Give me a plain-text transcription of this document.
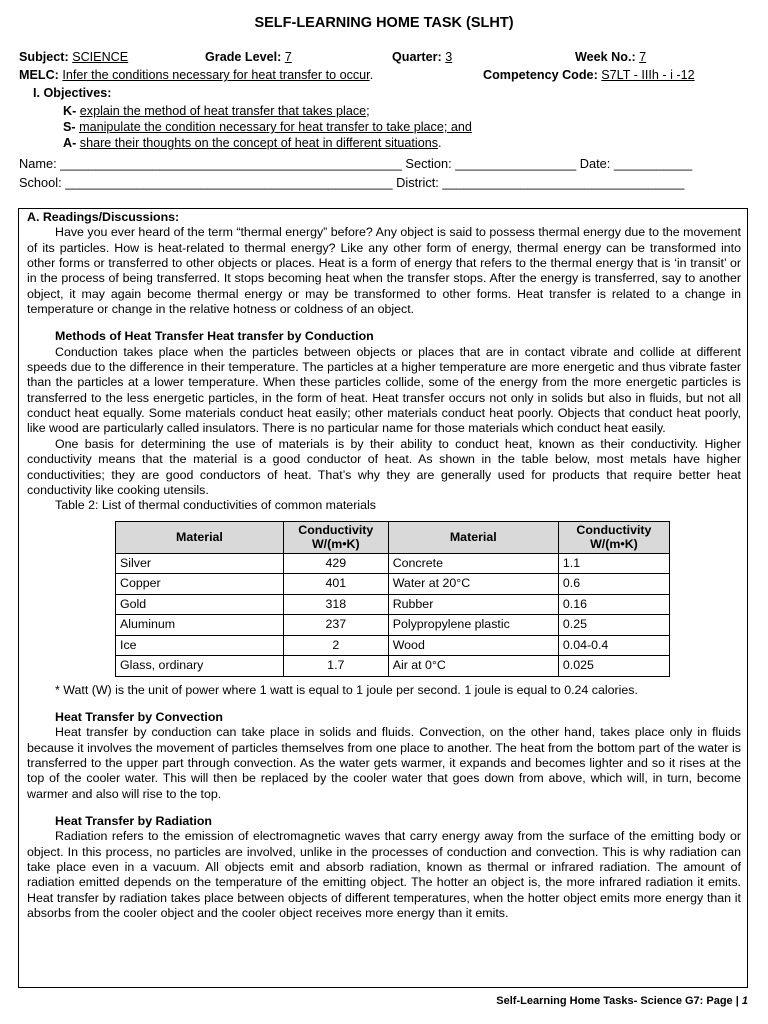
SELF-LEARNING HOME TASK (SLHT)
Subject: SCIENCE	Grade Level: 7	Quarter: 3	Week No.: 7
MELC: Infer the conditions necessary for heat transfer to occur.	Competency Code: S7LT - IIIh - i -12
I. Objectives:
K- explain the method of heat transfer that takes place;
S- manipulate the condition necessary for heat transfer to take place; and
A- share their thoughts on the concept of heat in different situations.
Name: ________________________________________________ Section: _________________ Date: ___________
School: ______________________________________________ District: __________________________________

A. Readings/Discussions:

Have you ever heard of the term “thermal energy” before? Any object is said to possess thermal energy due to the movement of its particles. How is heat-related to thermal energy? Like any other form of energy, thermal energy can be transformed into other forms or transferred to other objects or places. Heat is a form of energy that refers to the thermal energy that is ‘in transit’ or in the process of being transferred. It stops becoming heat when the transfer stops. After the energy is transferred, say to another object, it may again become thermal energy or may be transformed to other forms. Heat transfer is related to a change in temperature or change in the relative hotness or coldness of an object.

Methods of Heat Transfer Heat transfer by Conduction

Conduction takes place when the particles between objects or places that are in contact vibrate and collide at different speeds due to the difference in their temperature. The particles at a higher temperature are more energetic and thus vibrate faster than the particles at a lower temperature. When these particles collide, some of the energy from the more energetic particles is transferred to the less energetic particles, in the form of heat. Heat transfer occurs not only in solids but also in fluids, but not all conduct heat equally. Some materials conduct heat easily; other materials conduct heat poorly. Objects that conduct heat poorly, like wood are particularly called insulators. There is no particular name for those materials which conduct heat easily.

One basis for determining the use of materials is by their ability to conduct heat, known as their conductivity. Higher conductivity means that the material is a good conductor of heat. As shown in the table below, most metals have higher conductivities; they are good conductors of heat. That’s why they are generally used for products that require better heat conductivity like cooking utensils.

Table 2: List of thermal conductivities of common materials

Material	Conductivity W/(m•K)	Material	Conductivity W/(m•K)
Silver	429	Concrete	1.1
Copper	401	Water at 20°C	0.6
Gold	318	Rubber	0.16
Aluminum	237	Polypropylene plastic	0.25
Ice	2	Wood	0.04-0.4
Glass, ordinary	1.7	Air at 0°C	0.025

* Watt (W) is the unit of power where 1 watt is equal to 1 joule per second. 1 joule is equal to 0.24 calories.

Heat Transfer by Convection

Heat transfer by conduction can take place in solids and fluids. Convection, on the other hand, takes place only in fluids because it involves the movement of particles themselves from one place to another. The heat from the bottom part of the water is transferred to the upper part through convection. As the water gets warmer, it expands and becomes lighter and so it rises at the top of the cooler water. This will then be replaced by the cooler water that goes down from above, which will, in turn, become warmer and also will rise to the top.

Heat Transfer by Radiation

Radiation refers to the emission of electromagnetic waves that carry energy away from the surface of the emitting body or object. In this process, no particles are involved, unlike in the processes of conduction and convection. This is why radiation can take place even in a vacuum. All objects emit and absorb radiation, known as thermal or infrared radiation. The amount of radiation emitted depends on the temperature of the emitting object. The hotter an object is, the more infrared radiation it emits. Heat transfer by radiation takes place between objects of different temperatures, when the hotter object emits more energy than it absorbs from the cooler object and the cooler object receives more energy than it emits.

Self-Learning Home Tasks- Science G7: Page | 1
